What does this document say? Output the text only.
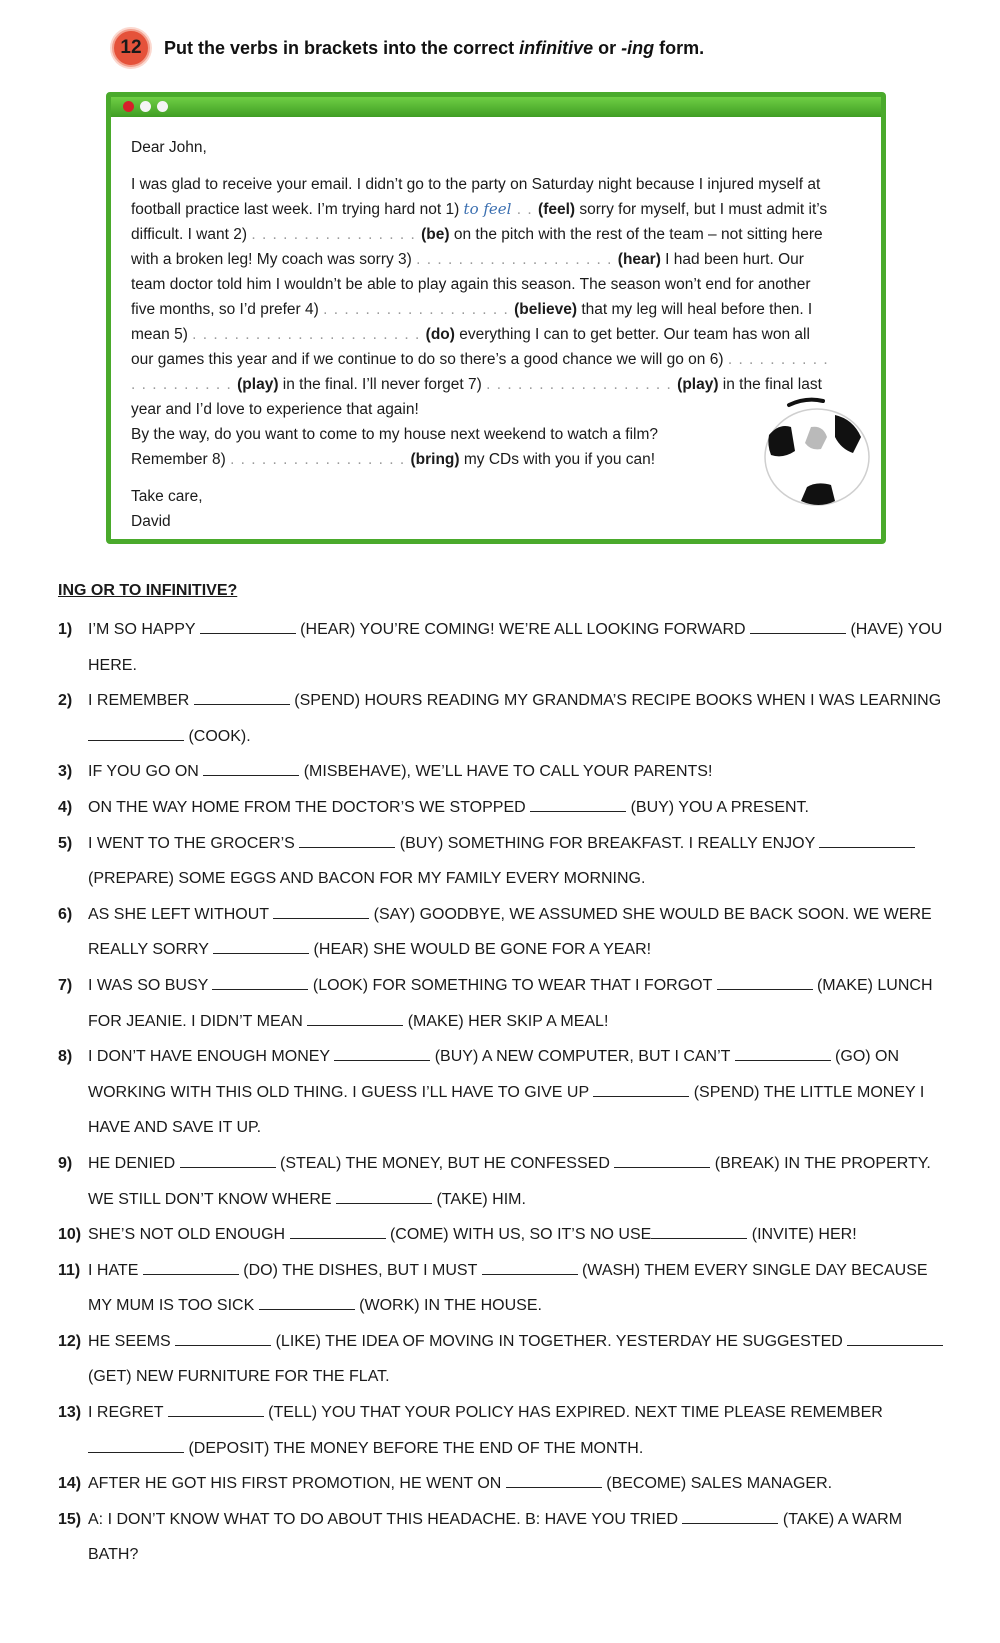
12	Put the verbs in brackets into the correct infinitive or -ing form.

Dear John,

I was glad to receive your email. I didn’t go to the party on Saturday night because I injured myself at football practice last week. I’m trying hard not 1) to feel . . (feel) sorry for myself, but I must admit it’s difficult. I want 2) . . . . . . . . . . . . . . . . (be) on the pitch with the rest of the team – not sitting here with a broken leg! My coach was sorry 3) . . . . . . . . . . . . . . . . . . . (hear) I had been hurt. Our team doctor told him I wouldn’t be able to play again this season. The season won’t end for another five months, so I’d prefer 4) . . . . . . . . . . . . . . . . . . (believe) that my leg will heal before then. I mean 5) . . . . . . . . . . . . . . . . . . . . . . (do) everything I can to get better. Our team has won all our games this year and if we continue to do so there’s a good chance we will go on 6) . . . . . . . . . . . . . . . . . . . . (play) in the final. I’ll never forget 7) . . . . . . . . . . . . . . . . . . (play) in the final last year and I’d love to experience that again!

By the way, do you want to come to my house next weekend to watch a film? Remember 8) . . . . . . . . . . . . . . . . . (bring) my CDs with you if you can!

Take care,

David

ING OR TO INFINITIVE?
1) I’M SO HAPPY	(HEAR) YOU’RE COMING! WE’RE ALL LOOKING FORWARD	(HAVE) YOU HERE.
2) I REMEMBER	(SPEND) HOURS READING MY GRANDMA’S RECIPE BOOKS WHEN I WAS LEARNING  (COOK).
3) IF YOU GO ON	(MISBEHAVE), WE’LL HAVE TO CALL YOUR PARENTS!
4) ON THE WAY HOME FROM THE DOCTOR’S WE STOPPED	(BUY) YOU A PRESENT.
5) I WENT TO THE GROCER’S	(BUY) SOMETHING FOR BREAKFAST. I REALLY ENJOY  (PREPARE) SOME EGGS AND BACON FOR MY FAMILY EVERY MORNING.
6) AS SHE LEFT WITHOUT	(SAY) GOODBYE, WE ASSUMED SHE WOULD BE BACK SOON. WE WERE REALLY SORRY	(HEAR) SHE WOULD BE GONE FOR A YEAR!
7) I WAS SO BUSY	(LOOK) FOR SOMETHING TO WEAR THAT I FORGOT	(MAKE) LUNCH FOR JEANIE. I DIDN’T MEAN	(MAKE) HER SKIP A MEAL!
8) I DON’T HAVE ENOUGH MONEY	(BUY) A NEW COMPUTER, BUT I CAN’T	(GO) ON WORKING WITH THIS OLD THING. I GUESS I’LL HAVE TO GIVE UP	(SPEND) THE LITTLE MONEY I HAVE AND SAVE IT UP.
9) HE DENIED	(STEAL) THE MONEY, BUT HE CONFESSED	(BREAK) IN THE PROPERTY. WE STILL DON’T KNOW WHERE	(TAKE) HIM.
10) SHE’S NOT OLD ENOUGH	(COME) WITH US, SO IT’S NO USE	(INVITE) HER!
11) I HATE	(DO) THE DISHES, BUT I MUST	(WASH) THEM EVERY SINGLE DAY BECAUSE MY MUM IS TOO SICK	(WORK) IN THE HOUSE.
12) HE SEEMS	(LIKE) THE IDEA OF MOVING IN TOGETHER. YESTERDAY HE SUGGESTED  (GET) NEW FURNITURE FOR THE FLAT.
13) I REGRET	(TELL) YOU THAT YOUR POLICY HAS EXPIRED. NEXT TIME PLEASE REMEMBER  (DEPOSIT) THE MONEY BEFORE THE END OF THE MONTH.
14) AFTER HE GOT HIS FIRST PROMOTION, HE WENT ON	(BECOME) SALES MANAGER.
15) A: I DON’T KNOW WHAT TO DO ABOUT THIS HEADACHE. B: HAVE YOU TRIED	(TAKE) A WARM BATH?
